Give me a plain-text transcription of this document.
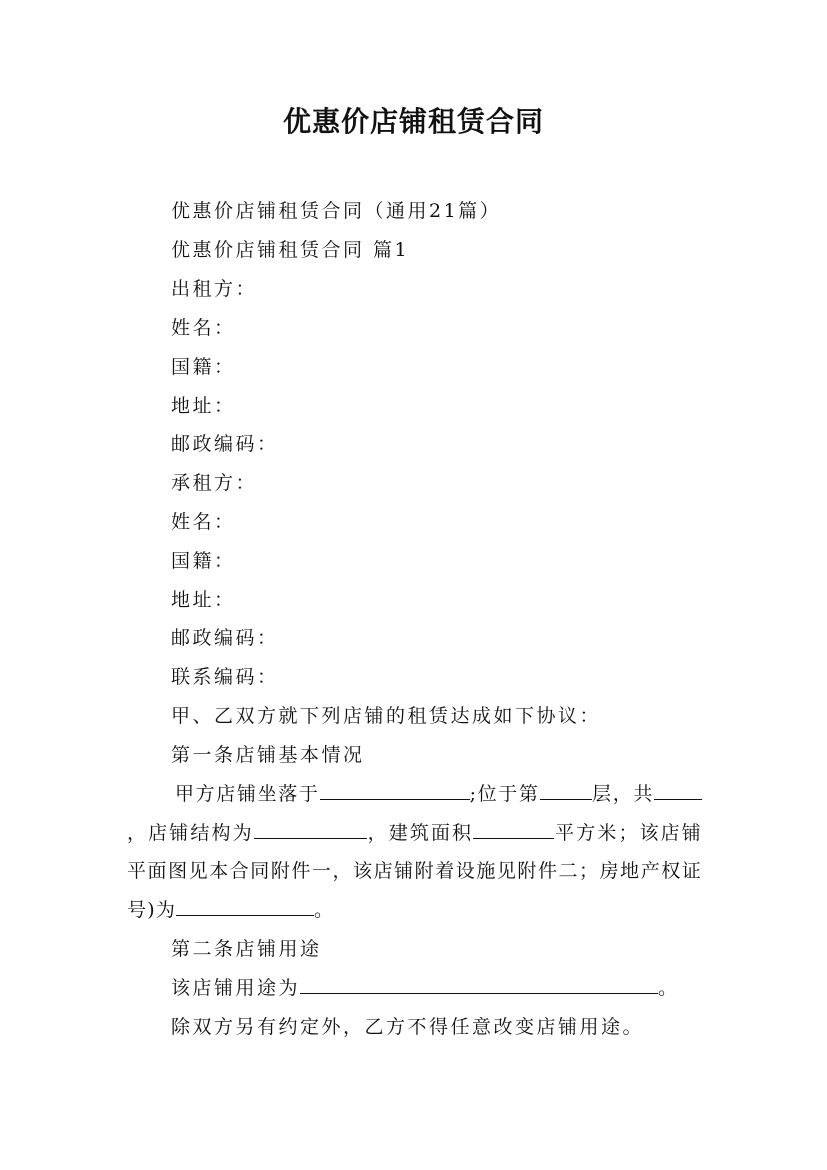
优惠价店铺租赁合同

优惠价店铺租赁合同（通用21篇）

优惠价店铺租赁合同 篇1

出租方：

姓名：

国籍：

地址：

邮政编码：

承租方：

姓名：

国籍：

地址：

邮政编码：

联系编码：

甲、乙双方就下列店铺的租赁达成如下协议：

第一条店铺基本情况

甲方店铺坐落于	;位于第	层，共，店铺结构为	，建筑面积	平方米；该店铺平面图见本合同附件一，该店铺附着设施见附件二；房地产权证号)为	。

第二条店铺用途

该店铺用途为	。

除双方另有约定外，乙方不得任意改变店铺用途。
